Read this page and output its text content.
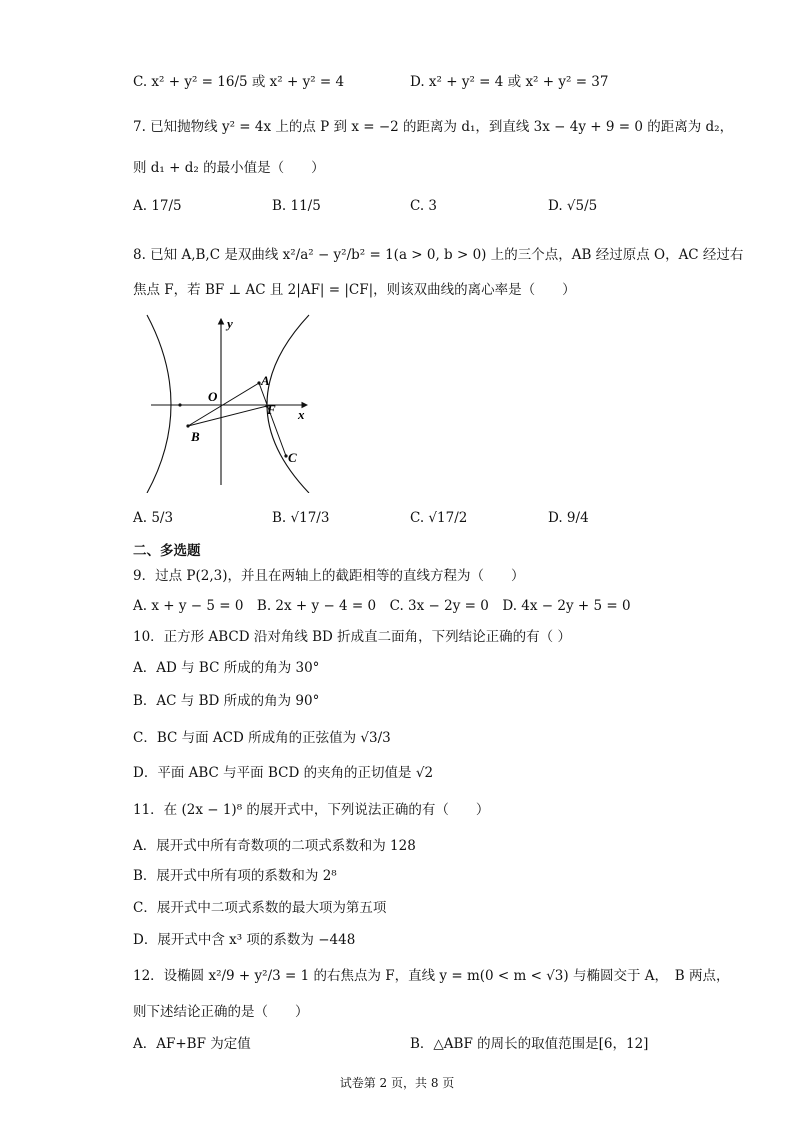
C. x² + y² = 16/5 或 x² + y² = 4	D. x² + y² = 4 或 x² + y² = 37
7. 已知抛物线 y² = 4x 上的点 P 到 x = −2 的距离为 d₁，到直线 3x − 4y + 9 = 0 的距离为 d₂，
则 d₁ + d₂ 的最小值是（　　）
A. 17/5	B. 11/5	C. 3	D. √5/5
8. 已知 A,B,C 是双曲线 x²/a² − y²/b² = 1(a > 0, b > 0) 上的三个点，AB 经过原点 O，AC 经过右
焦点 F，若 BF ⊥ AC 且 2|AF| = |CF|，则该双曲线的离心率是（　　）
y
x
O
A
F
B
C
A. 5/3	B. √17/3	C. √17/2	D. 9/4
二、多选题
9．过点 P(2,3)，并且在两轴上的截距相等的直线方程为（　　）
A. x + y − 5 = 0　B. 2x + y − 4 = 0　C. 3x − 2y = 0　D. 4x − 2y + 5 = 0
10．正方形 ABCD 沿对角线 BD 折成直二面角，下列结论正确的有（ ）
A．AD 与 BC 所成的角为 30°
B．AC 与 BD 所成的角为 90°
C．BC 与面 ACD 所成角的正弦值为 √3/3
D．平面 ABC 与平面 BCD 的夹角的正切值是 √2
11．在 (2x − 1)⁸ 的展开式中，下列说法正确的有（　　）
A．展开式中所有奇数项的二项式系数和为 128
B．展开式中所有项的系数和为 2⁸
C．展开式中二项式系数的最大项为第五项
D．展开式中含 x³ 项的系数为 −448
12．设椭圆 x²/9 + y²/3 = 1 的右焦点为 F，直线 y = m(0 < m < √3) 与椭圆交于 A，　B 两点，
则下述结论正确的是（　　）
A．AF+BF 为定值	B．△ABF 的周长的取值范围是[6，12]
试卷第 2 页，共 8 页
